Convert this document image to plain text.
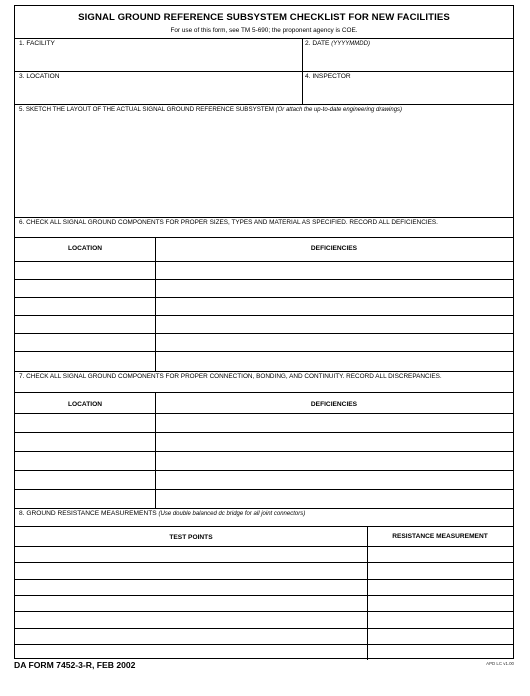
SIGNAL GROUND REFERENCE SUBSYSTEM CHECKLIST FOR NEW FACILITIES
For use of this form, see TM 5-690; the proponent agency is COE.
1. FACILITY	2. DATE (YYYYMMDD)
3. LOCATION	4. INSPECTOR
5. SKETCH THE LAYOUT OF THE ACTUAL SIGNAL GROUND REFERENCE SUBSYSTEM (Or attach the up-to-date engineering drawings)
6. CHECK ALL SIGNAL GROUND COMPONENTS FOR PROPER SIZES, TYPES AND MATERIAL AS SPECIFIED. RECORD ALL DEFICIENCIES.
LOCATION	DEFICIENCIES
7. CHECK ALL SIGNAL GROUND COMPONENTS FOR PROPER CONNECTION, BONDING, AND CONTINUITY. RECORD ALL DISCREPANCIES.
LOCATION	DEFICIENCIES
8. GROUND RESISTANCE MEASUREMENTS (Use double balanced dc bridge for all joint connectors)
TEST POINTS	RESISTANCE MEASUREMENT
DA FORM 7452-3-R, FEB 2002	APD LC v1.00
